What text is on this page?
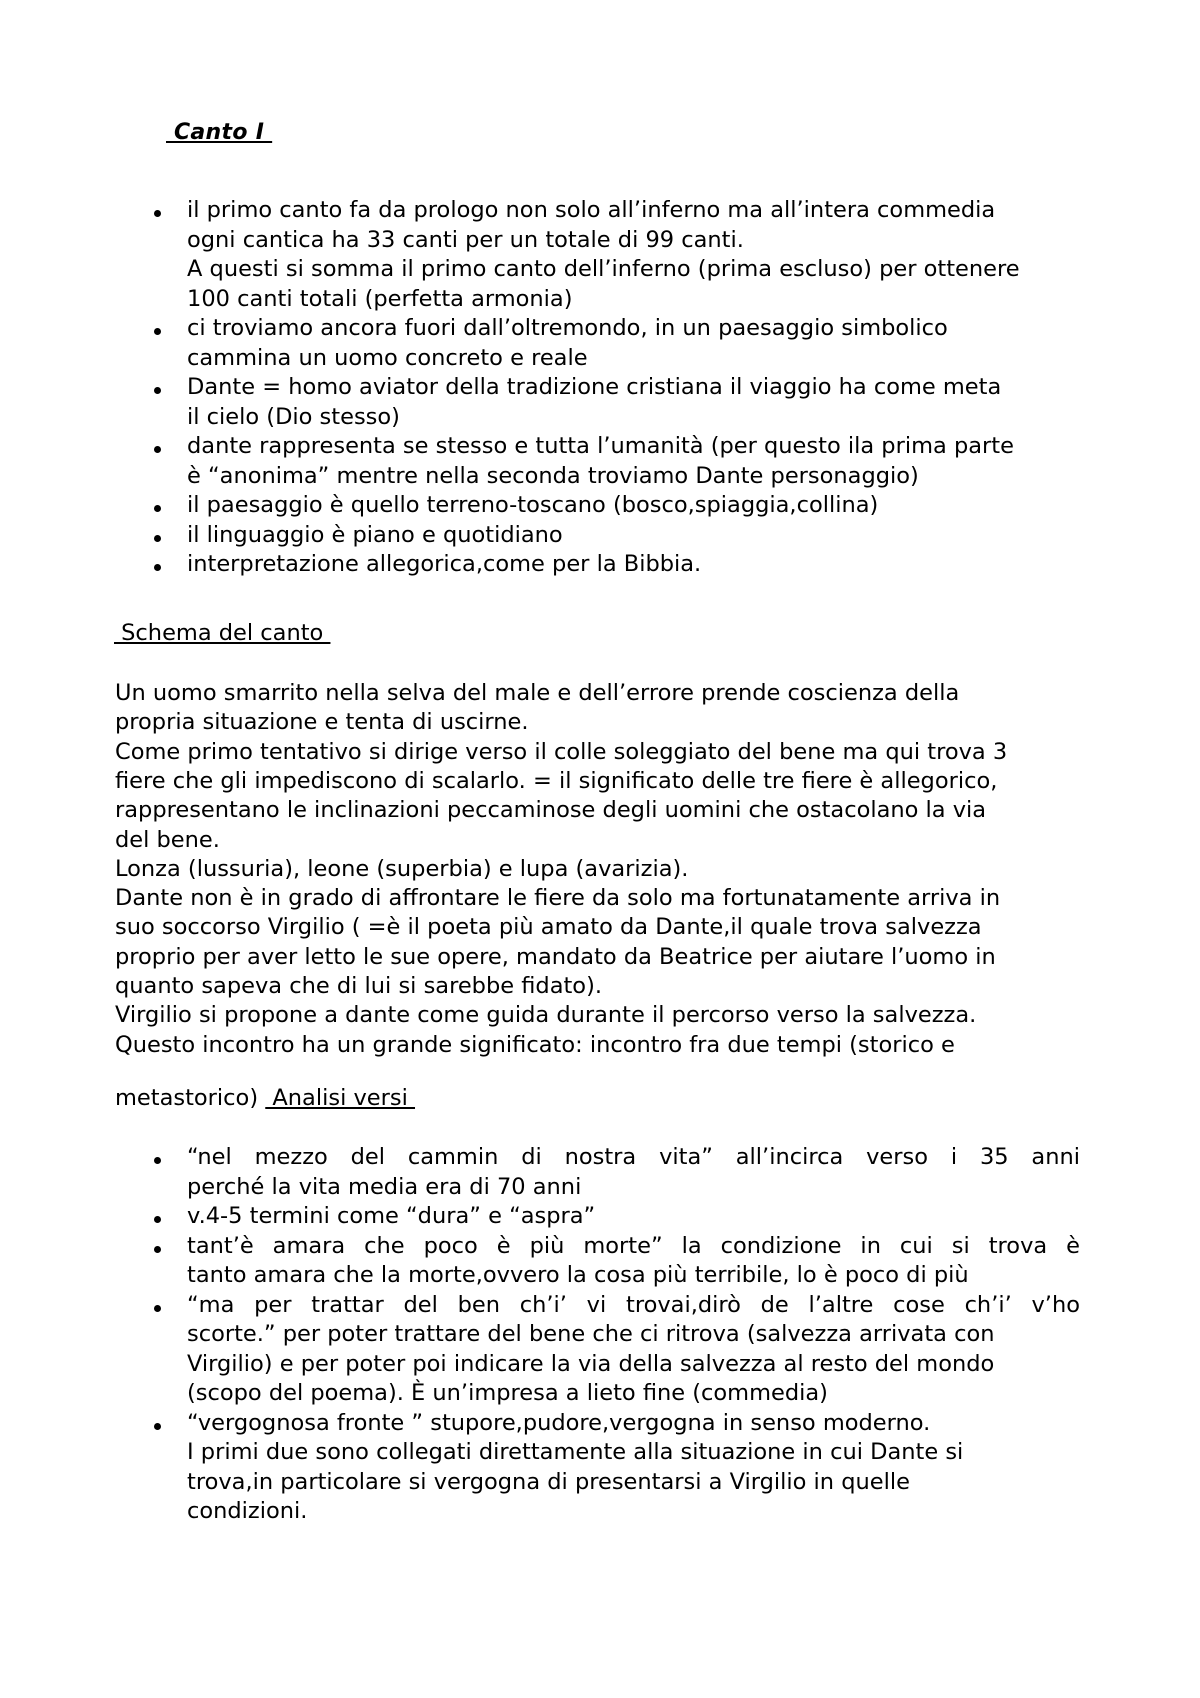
Canto I
il primo canto fa da prologo non solo all’inferno ma all’intera commedia
ogni cantica ha 33 canti per un totale di 99 canti.
A questi si somma il primo canto dell’inferno (prima escluso) per ottenere
100 canti totali (perfetta armonia)
ci troviamo ancora fuori dall’oltremondo, in un paesaggio simbolico
cammina un uomo concreto e reale
Dante = homo aviator della tradizione cristiana il viaggio ha come meta
il cielo (Dio stesso)
dante rappresenta se stesso e tutta l’umanità (per questo ila prima parte
è “anonima” mentre nella seconda troviamo Dante personaggio)
il paesaggio è quello terreno-toscano (bosco,spiaggia,collina)
il linguaggio è piano e quotidiano
interpretazione allegorica,come per la Bibbia.
Schema del canto
Un uomo smarrito nella selva del male e dell’errore prende coscienza della
propria situazione e tenta di uscirne.
Come primo tentativo si dirige verso il colle soleggiato del bene ma qui trova 3
fiere che gli impediscono di scalarlo. = il significato delle tre fiere è allegorico,
rappresentano le inclinazioni peccaminose degli uomini che ostacolano la via
del bene.
Lonza (lussuria), leone (superbia) e lupa (avarizia).
Dante non è in grado di affrontare le fiere da solo ma fortunatamente arriva in
suo soccorso Virgilio ( =è il poeta più amato da Dante,il quale trova salvezza
proprio per aver letto le sue opere, mandato da Beatrice per aiutare l’uomo in
quanto sapeva che di lui si sarebbe fidato).
Virgilio si propone a dante come guida durante il percorso verso la salvezza.
Questo incontro ha un grande significato: incontro fra due tempi (storico e
metastorico)  Analisi versi
“nel mezzo del cammin di nostra vita” all’incirca verso i 35 anni
perché la vita media era di 70 anni
v.4-5 termini come “dura” e “aspra”
tant’è amara che poco è più morte” la condizione in cui si trova è
tanto amara che la morte,ovvero la cosa più terribile, lo è poco di più
“ma per trattar del ben ch’i’ vi trovai,dirò de l’altre cose ch’i’ v’ho
scorte.” per poter trattare del bene che ci ritrova (salvezza arrivata con
Virgilio) e per poter poi indicare la via della salvezza al resto del mondo
(scopo del poema). È un’impresa a lieto fine (commedia)
“vergognosa fronte ” stupore,pudore,vergogna in senso moderno.
I primi due sono collegati direttamente alla situazione in cui Dante si
trova,in particolare si vergogna di presentarsi a Virgilio in quelle
condizioni.
